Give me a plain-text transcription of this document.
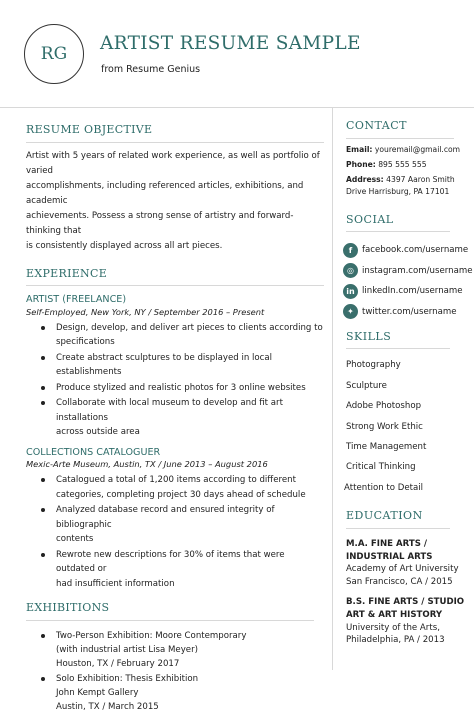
RG	ARTIST RESUME SAMPLE
from Resume Genius
RESUME OBJECTIVE
Artist with 5 years of related work experience, as well as portfolio of varied
accomplishments, including referenced articles, exhibitions, and academic
achievements. Possess a strong sense of artistry and forward-thinking that
is consistently displayed across all art pieces.
EXPERIENCE
ARTIST (FREELANCE)
Self-Employed, New York, NY / September 2016 – Present
Design, develop, and deliver art pieces to clients according to
specifications
Create abstract sculptures to be displayed in local establishments
Produce stylized and realistic photos for 3 online websites
Collaborate with local museum to develop and fit art installations
across outside area
COLLECTIONS CATALOGUER
Mexic-Arte Museum, Austin, TX / June 2013 – August 2016
Catalogued a total of 1,200 items according to different
categories, completing project 30 days ahead of schedule
Analyzed database record and ensured integrity of bibliographic
contents
Rewrote new descriptions for 30% of items that were outdated or
had insufficient information
EXHIBITIONS
Two-Person Exhibition: Moore Contemporary
(with industrial artist Lisa Meyer)
Houston, TX / February 2017
Solo Exhibition: Thesis Exhibition
John Kempt Gallery
Austin, TX / March 2015
CONTACT
Email: youremail@gmail.com
Phone: 895 555 555
Address: 4397 Aaron Smith
Drive Harrisburg, PA 17101
SOCIAL
f	facebook.com/username
◎ instagram.com/username
in linkedIn.com/username
✦ twitter.com/username
SKILLS
Photography
Sculpture
Adobe Photoshop
Strong Work Ethic
Time Management
Critical Thinking
Attention to Detail
EDUCATION
M.A. FINE ARTS /
INDUSTRIAL ARTS
Academy of Art University
San Francisco, CA / 2015
B.S. FINE ARTS / STUDIO
ART & ART HISTORY
University of the Arts,
Philadelphia, PA / 2013
